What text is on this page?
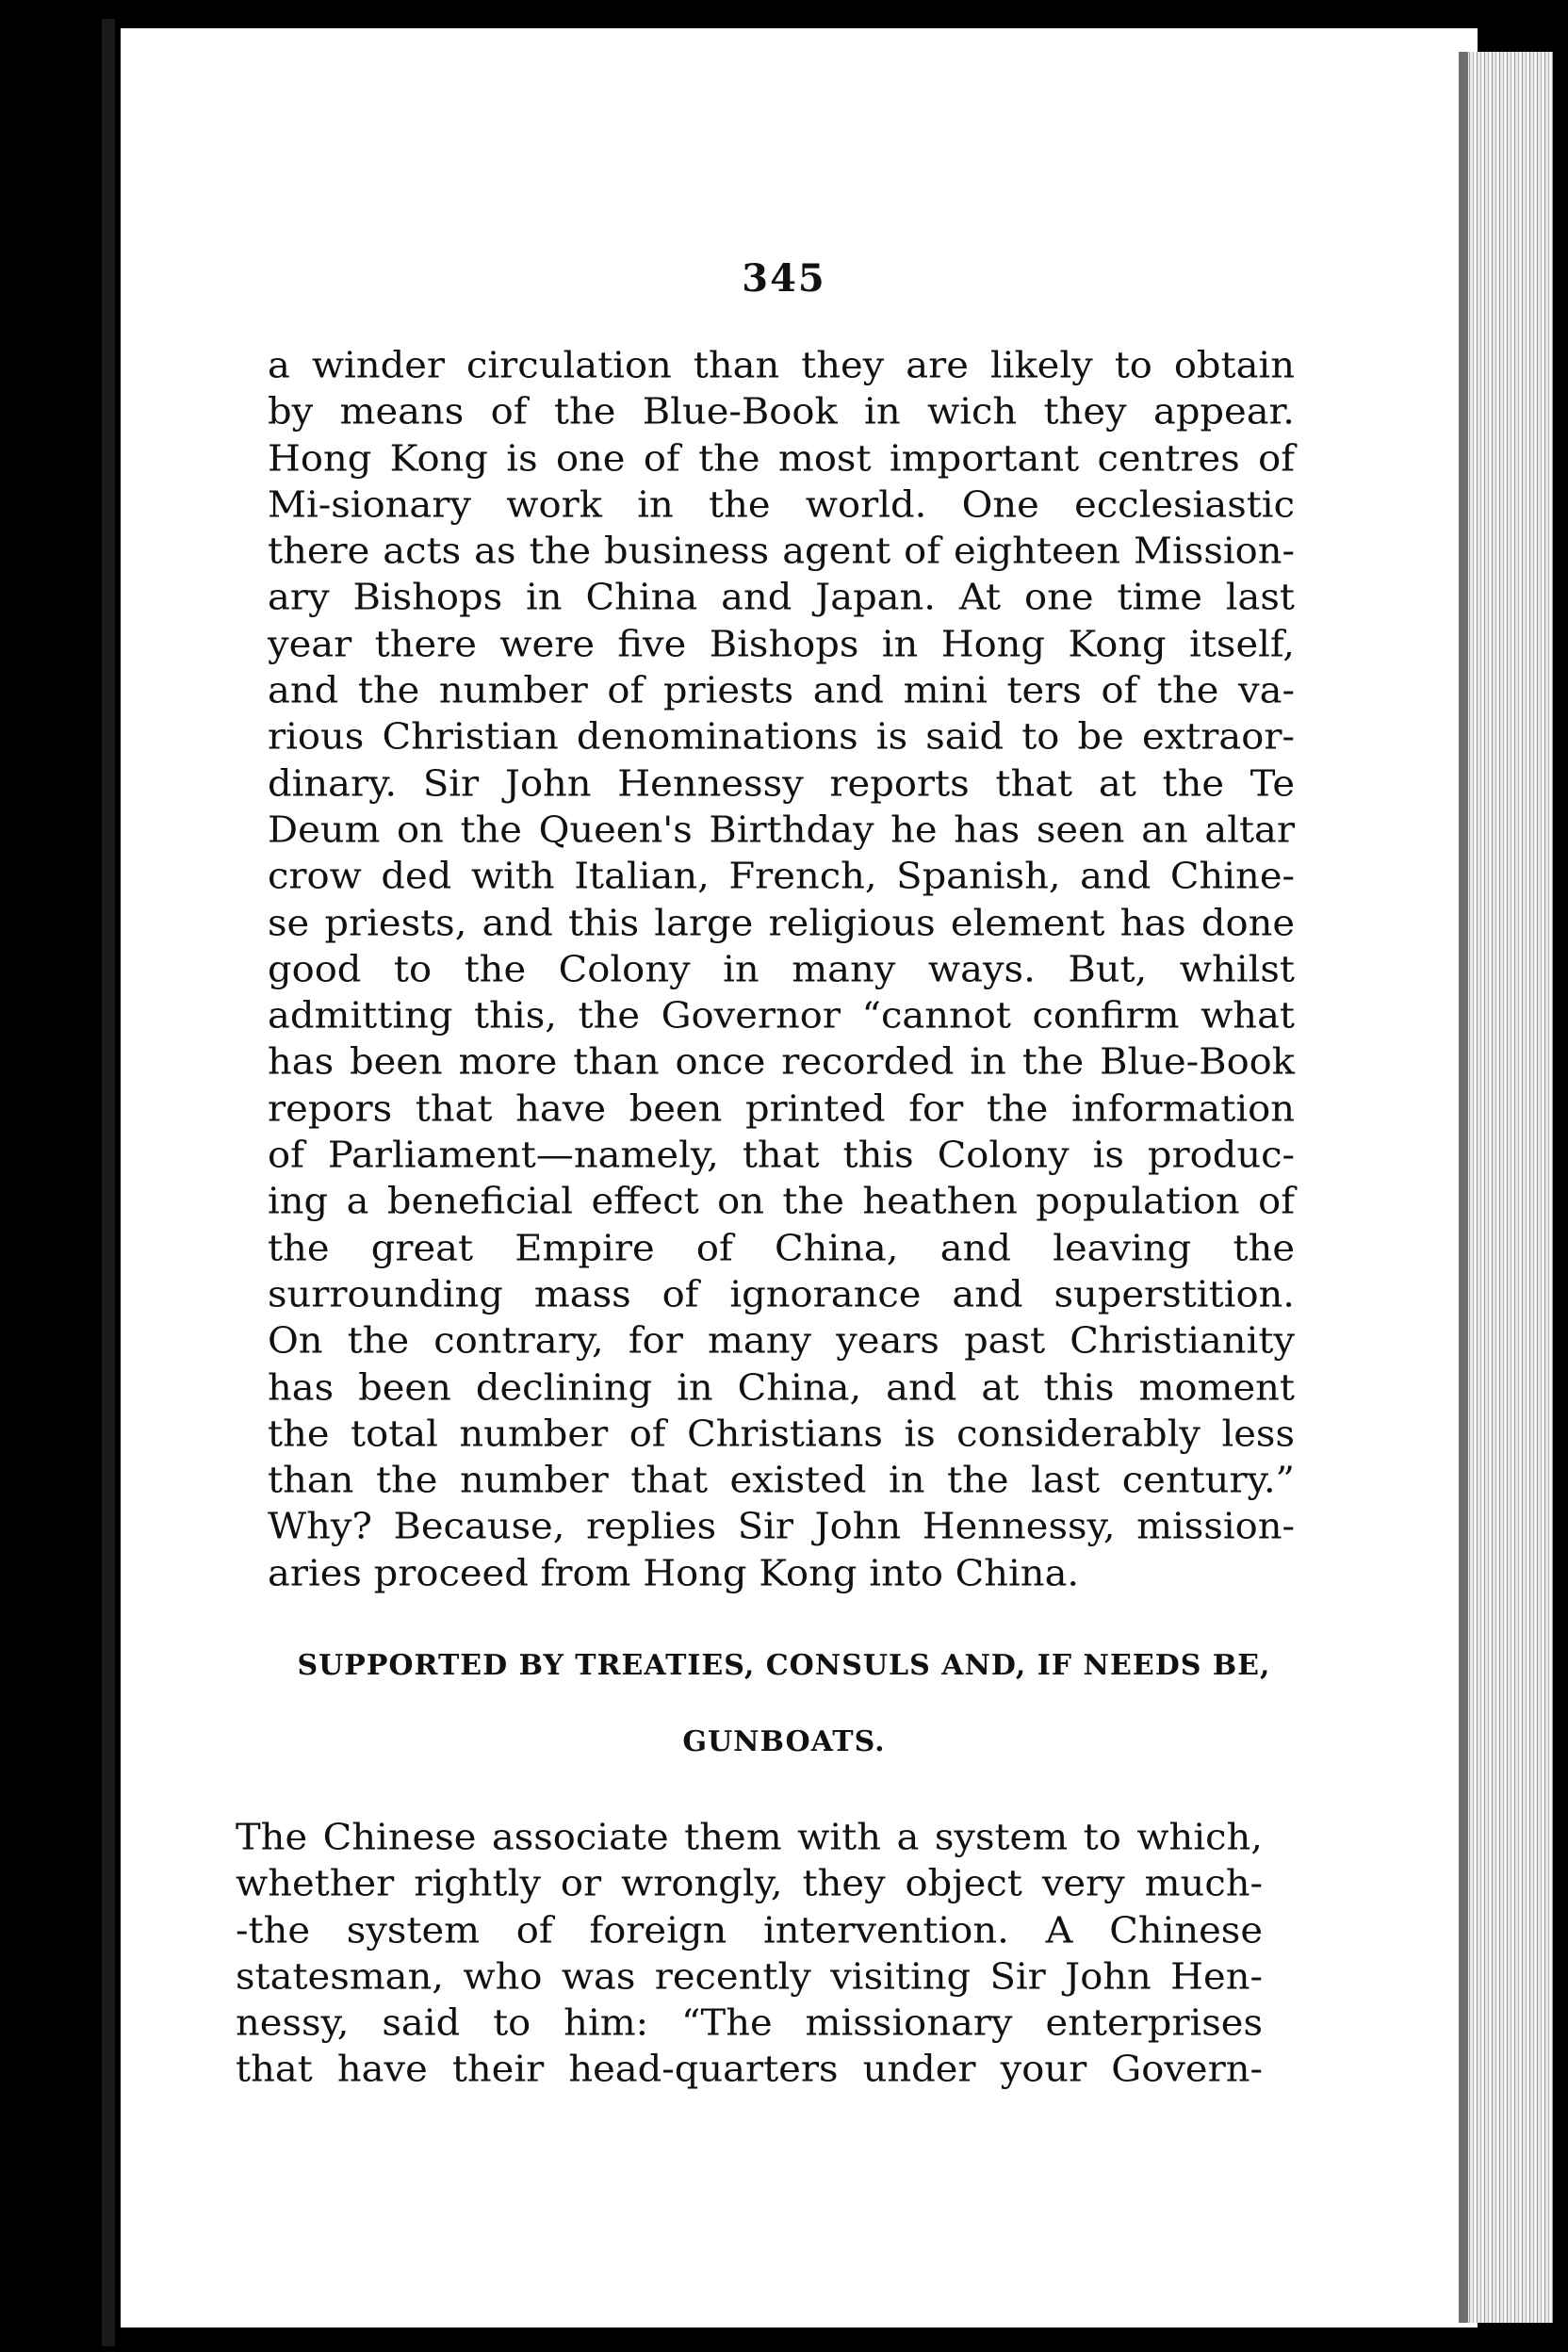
345
a winder circulation than they are likely to obtain
by means of the Blue-Book in wich they appear.
Hong Kong is one of the most important centres of
Mi-sionary work in the world. One ecclesiastic
there acts as the business agent of eighteen Mission-
ary Bishops in China and Japan. At one time last
year there were five Bishops in Hong Kong itself,
and the number of priests and mini ters of the va-
rious Christian denominations is said to be extraor-
dinary. Sir John Hennessy reports that at the Te
Deum on the Queen's Birthday he has seen an altar
crow ded with Italian, French, Spanish, and Chine-
se priests, and this large religious element has done
good to the Colony in many ways. But, whilst
admitting this, the Governor “cannot confirm what
has been more than once recorded in the Blue-Book
repors that have been printed for the information
of Parliament—namely, that this Colony is produc-
ing a beneficial effect on the heathen population of
the great Empire of China, and leaving the
surrounding mass of ignorance and superstition.
On the contrary, for many years past Christianity
has been declining in China, and at this moment
the total number of Christians is considerably less
than the number that existed in the last century.”
Why? Because, replies Sir John Hennessy, mission-
aries proceed from Hong Kong into China.
SUPPORTED BY TREATIES, CONSULS AND, IF NEEDS BE,
GUNBOATS.
The Chinese associate them with a system to which,
whether rightly or wrongly, they object very much-
-the system of foreign intervention. A Chinese
statesman, who was recently visiting Sir John Hen-
nessy, said to him: “The missionary enterprises
that have their head-quarters under your Govern-
